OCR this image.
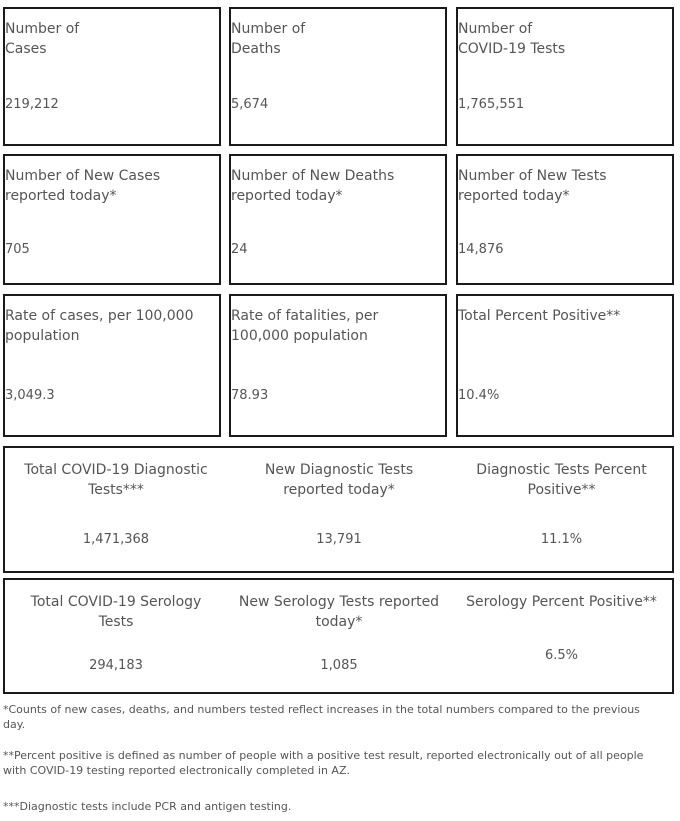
Number of
Cases
219,212
Number of
Deaths
5,674
Number of
COVID-19 Tests
1,765,551
Number of New Cases
reported today*
705
Number of New Deaths
reported today*
24
Number of New Tests
reported today*
14,876
Rate of cases, per 100,000
population
3,049.3
Rate of fatalities, per
100,000 population
78.93
Total Percent Positive**
10.4%
Total COVID-19 Diagnostic
Tests***
1,471,368
New Diagnostic Tests
reported today*
13,791
Diagnostic Tests Percent
Positive**
11.1%
Total COVID-19 Serology
Tests
294,183
New Serology Tests reported
today*
1,085
Serology Percent Positive**
6.5%

*Counts of new cases, deaths, and numbers tested reflect increases in the total numbers compared to the previous day.

**Percent positive is defined as number of people with a positive test result, reported electronically out of all people with COVID-19 testing reported electronically completed in AZ.

***Diagnostic tests include PCR and antigen testing.
